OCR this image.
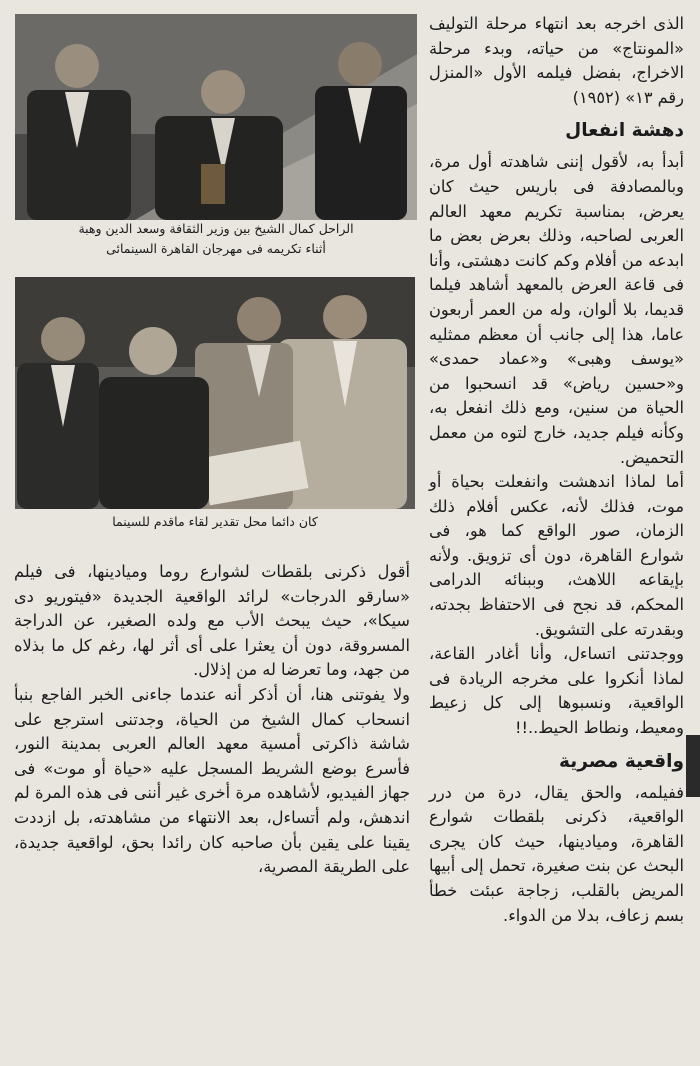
الراحل كمال الشيخ بين وزير الثقافة وسعد الدين وهبة
أثناء تكريمه فى مهرجان القاهرة السينمائى
كان دائما محل تقدير لقاء ماقدم للسينما

الذى اخرجه بعد انتهاء مرحلة التوليف «المونتاج» من حياته، وبدء مرحلة الاخراج، بفضل فيلمه الأول «المنزل رقم ١٣» (١٩٥٢)

دهشة انفعال

أبدأ به، لأقول إننى شاهدته أول مرة، وبالمصادفة فى باريس حيث كان يعرض، بمناسبة تكريم معهد العالم العربى لصاحبه، وذلك بعرض بعض ما ابدعه من أفلام وكم كانت دهشتى، وأنا فى قاعة العرض بالمعهد أشاهد فيلما قديما، بلا ألوان، وله من العمر أربعون عاما، هذا إلى جانب أن معظم ممثليه «يوسف وهبى» و«عماد حمدى» و«حسين رياض» قد انسحبوا من الحياة من سنين، ومع ذلك انفعل به، وكأنه فيلم جديد، خارج لتوه من معمل التحميض.

أما لماذا اندهشت وانفعلت بحياة أو موت، فذلك لأنه، عكس أفلام ذلك الزمان، صور الواقع كما هو، فى شوارع القاهرة، دون أى تزويق. ولأنه بإيقاعه اللاهث، وببنائه الدرامى المحكم، قد نجح فى الاحتفاظ بجدته، وبقدرته على التشويق.

ووجدتنى اتساءل، وأنا أغادر القاعة، لماذا أنكروا على مخرجه الريادة فى الواقعية، ونسبوها إلى كل زعيط ومعيط، ونطاط الحيط..!!

واقعية مصرية

ففيلمه، والحق يقال، درة من درر الواقعية، ذكرنى بلقطات شوارع القاهرة، وميادينها، حيث كان يجرى البحث عن بنت صغيرة، تحمل إلى أبيها المريض بالقلب، زجاجة عبئت خطأ بسم زعاف، بدلا من الدواء.

أقول ذكرنى بلقطات لشوارع روما وميادينها، فى فيلم «سارقو الدرجات» لرائد الواقعية الجديدة «فيتوريو دى سيكا»، حيث يبحث الأب مع ولده الصغير، عن الدراجة المسروقة، دون أن يعثرا على أى أثر لها، رغم كل ما بذلاه من جهد، وما تعرضا له من إذلال.

ولا يفوتنى هنا، أن أذكر أنه عندما جاءنى الخبر الفاجع بنبأ انسحاب كمال الشيخ من الحياة، وجدتنى استرجع على شاشة ذاكرتى أمسية معهد العالم العربى بمدينة النور، فأسرع بوضع الشريط المسجل عليه «حياة أو موت» فى جهاز الفيديو، لأشاهده مرة أخرى غير أننى فى هذه المرة لم اندهش، ولم أتساءل، بعد الانتهاء من مشاهدته، بل ازددت يقينا على يقين بأن صاحبه كان رائدا بحق، لواقعية جديدة، على الطريقة المصرية،
